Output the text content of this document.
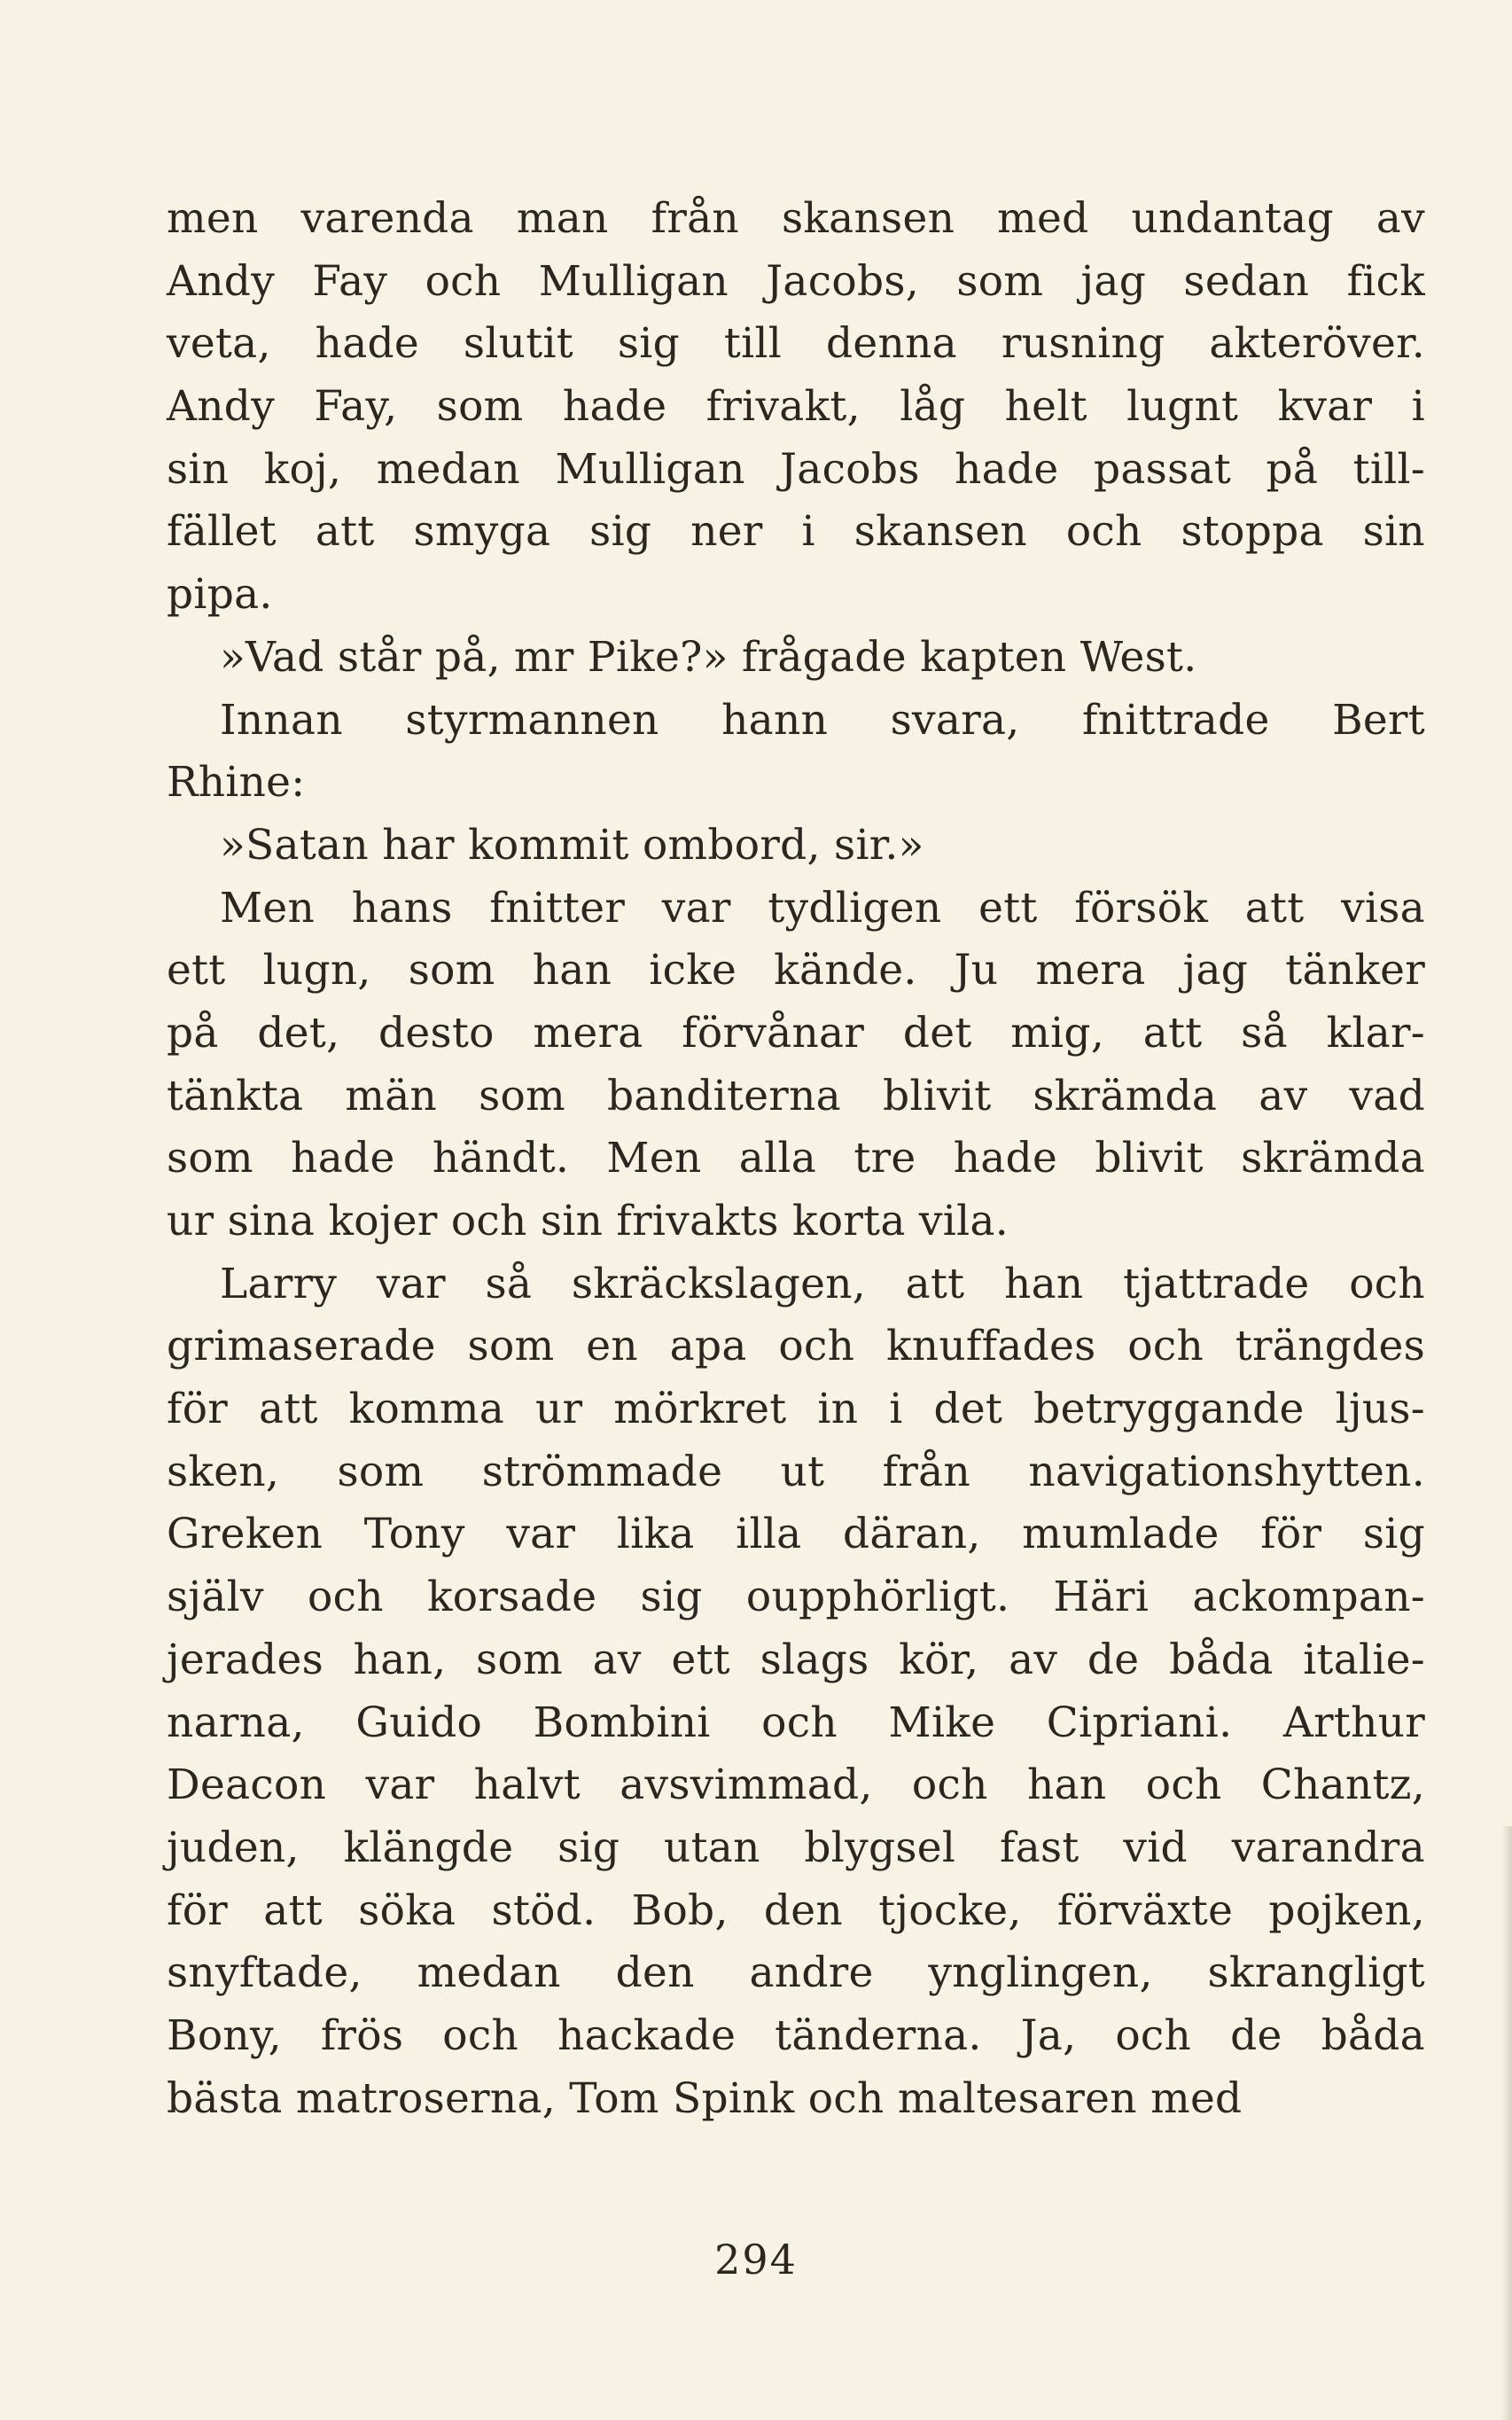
men varenda man från skansen med undantag av
Andy Fay och Mulligan Jacobs, som jag sedan fick
veta, hade slutit sig till denna rusning akteröver.
Andy Fay, som hade frivakt, låg helt lugnt kvar i
sin koj, medan Mulligan Jacobs hade passat på till-
fället att smyga sig ner i skansen och stoppa sin
pipa.
»Vad står på, mr Pike?» frågade kapten West.
Innan styrmannen hann svara, fnittrade Bert
Rhine:
»Satan har kommit ombord, sir.»
Men hans fnitter var tydligen ett försök att visa
ett lugn, som han icke kände. Ju mera jag tänker
på det, desto mera förvånar det mig, att så klar-
tänkta män som banditerna blivit skrämda av vad
som hade händt. Men alla tre hade blivit skrämda
ur sina kojer och sin frivakts korta vila.
Larry var så skräckslagen, att han tjattrade och
grimaserade som en apa och knuffades och trängdes
för att komma ur mörkret in i det betryggande ljus-
sken, som strömmade ut från navigationshytten.
Greken Tony var lika illa däran, mumlade för sig
själv och korsade sig oupphörligt. Häri ackompan-
jerades han, som av ett slags kör, av de båda italie-
narna, Guido Bombini och Mike Cipriani. Arthur
Deacon var halvt avsvimmad, och han och Chantz,
juden, klängde sig utan blygsel fast vid varandra
för att söka stöd. Bob, den tjocke, förväxte pojken,
snyftade, medan den andre ynglingen, skrangligt
Bony, frös och hackade tänderna. Ja, och de båda
bästa matroserna, Tom Spink och maltesaren med
294
